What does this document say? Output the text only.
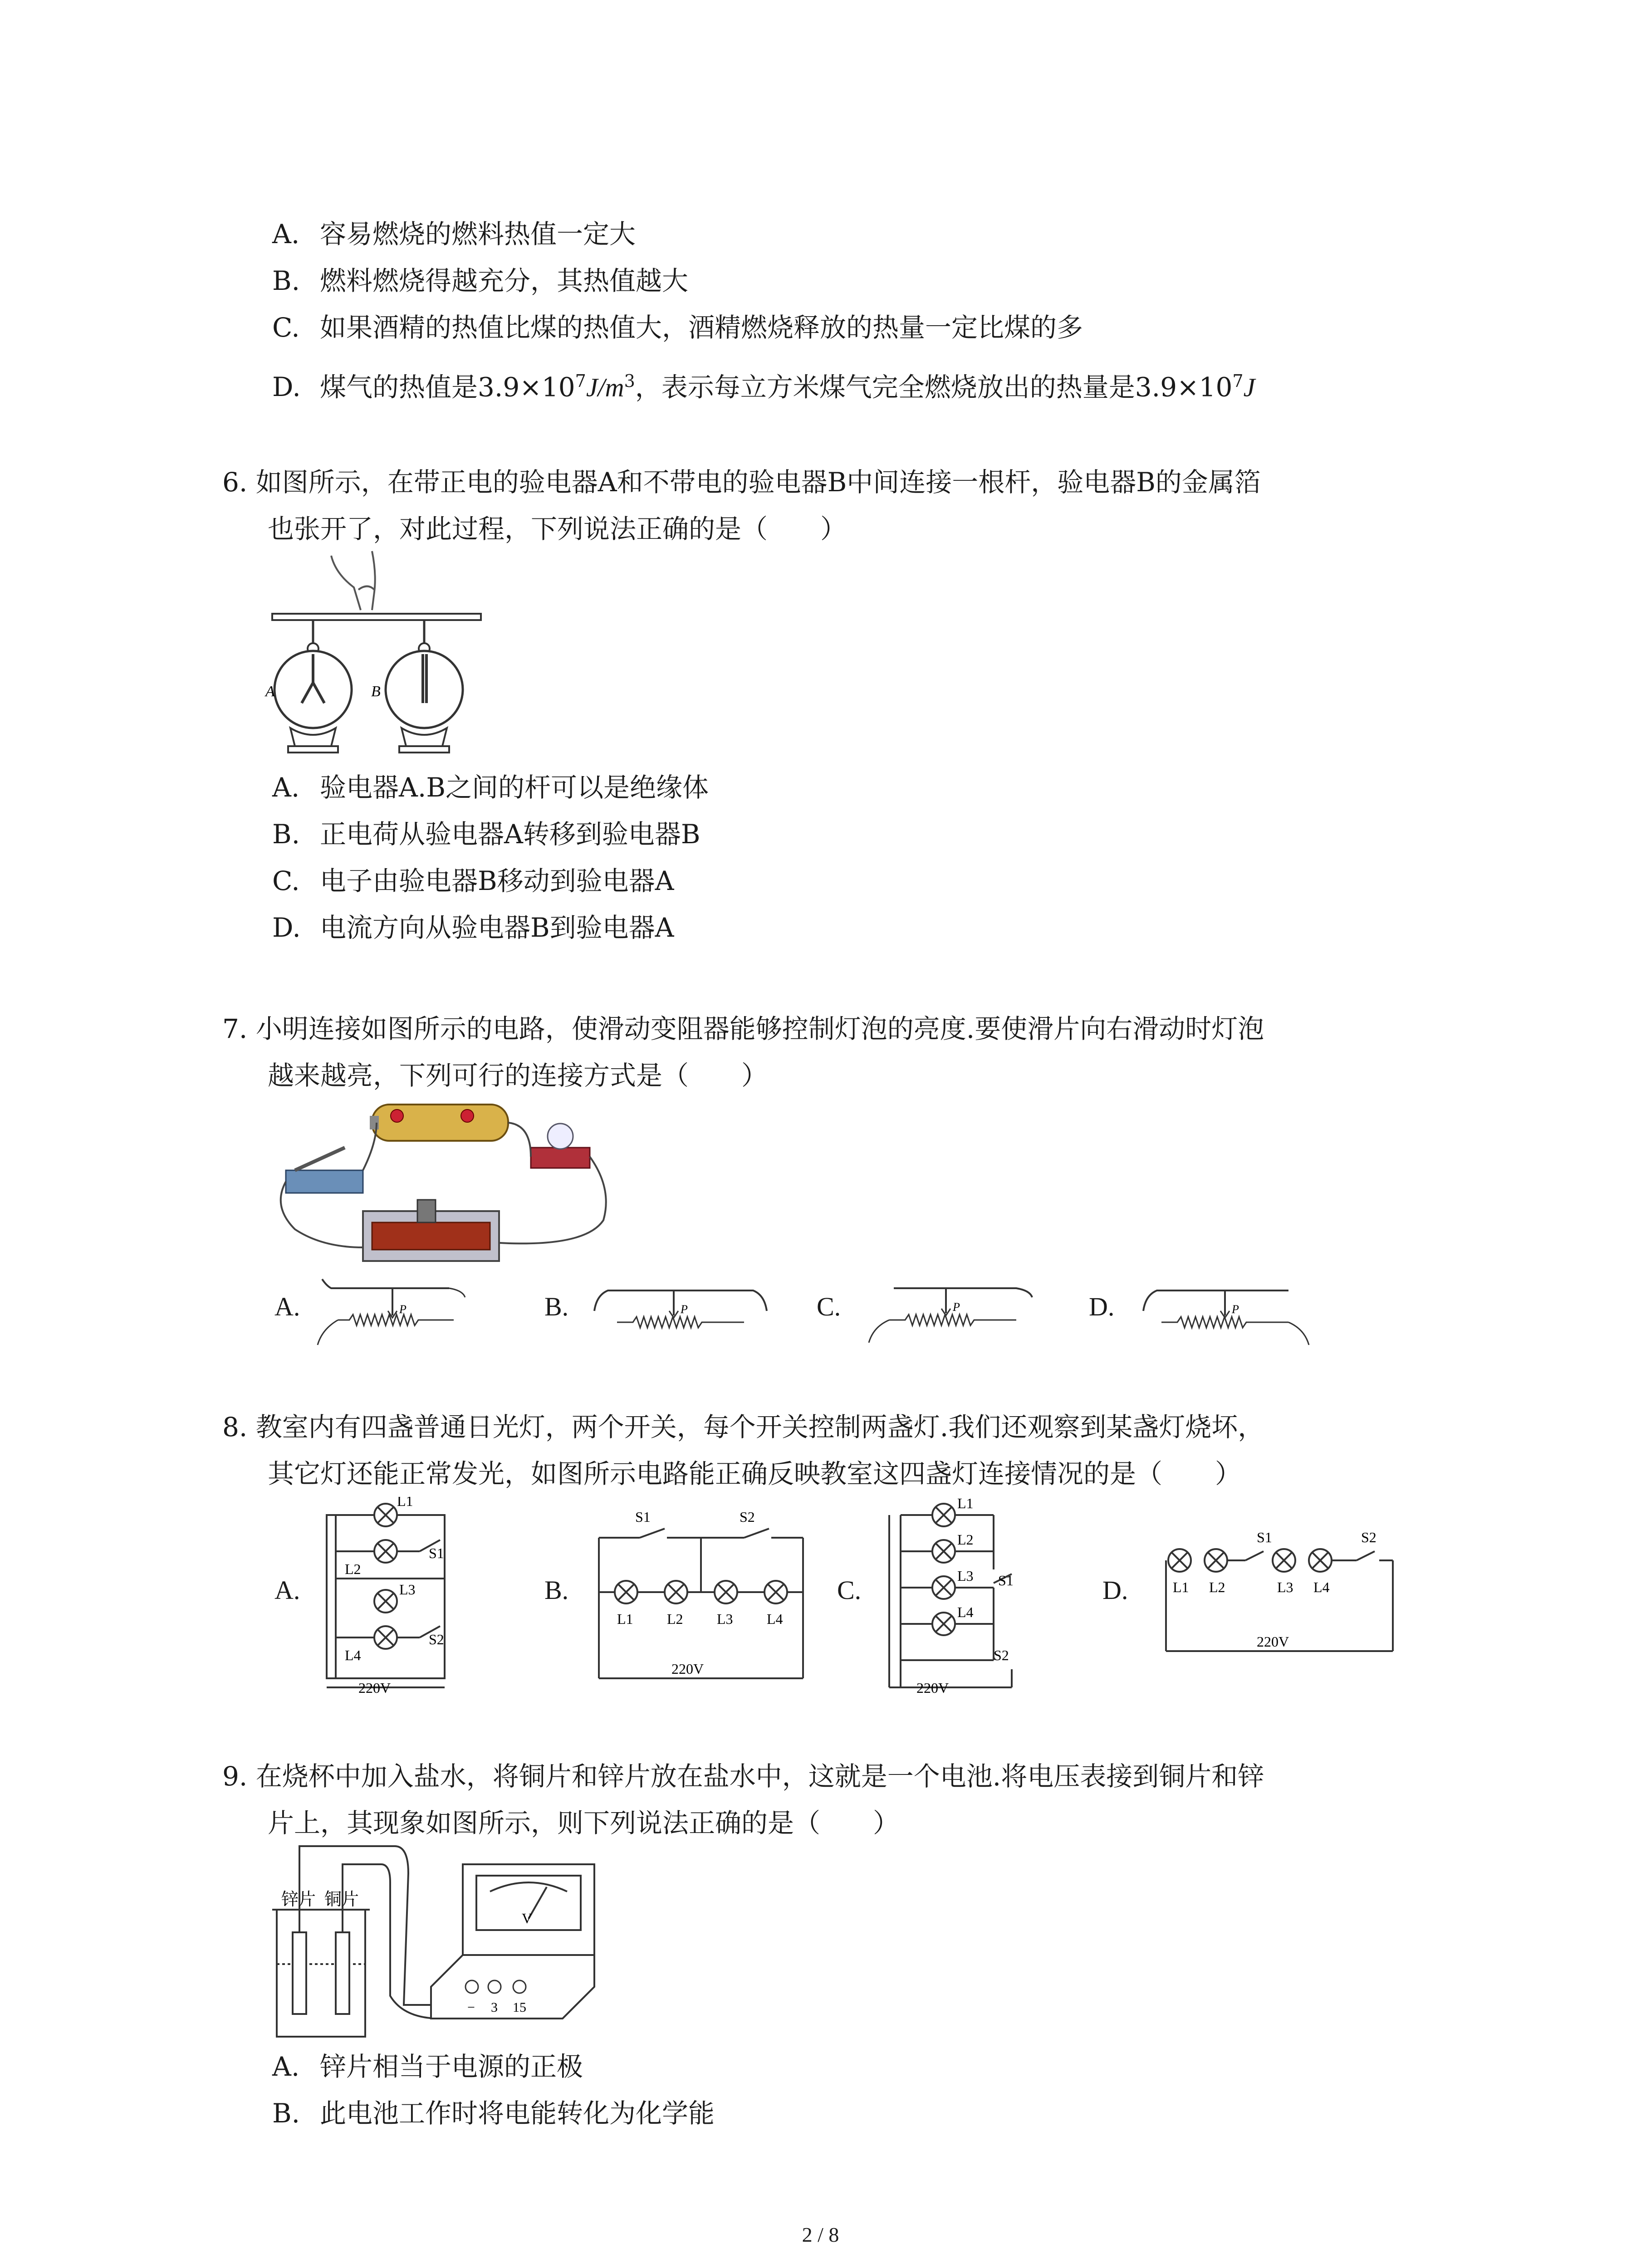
A. 容易燃烧的燃料热值一定大
B. 燃料燃烧得越充分，其热值越大
C. 如果酒精的热值比煤的热值大，酒精燃烧释放的热量一定比煤的多
D. 煤气的热值是$3.9\times 10^7J/m^3$，表示每立方米煤气完全燃烧放出的热量是$3.9\times 10^7J$
6. 如图所示，在带正电的验电器A和不带电的验电器B中间连接一根杆，验电器B的金属箔
也张开了，对此过程，下列说法正确的是（　　）
A	B
A. 验电器A.B之间的杆可以是绝缘体
B. 正电荷从验电器A转移到验电器B
C. 电子由验电器B移动到验电器A
D. 电流方向从验电器B到验电器A
7. 小明连接如图所示的电路，使滑动变阻器能够控制灯泡的亮度.要使滑片向右滑动时灯泡
越来越亮，下列可行的连接方式是（　　）
A.	P	B.	P	C.	P	D.	P
8. 教室内有四盏普通日光灯，两个开关，每个开关控制两盏灯.我们还观察到某盏灯烧坏，
其它灯还能正常发光，如图所示电路能正确反映教室这四盏灯连接情况的是（　　）
A.
L1
S1
L2
L3
L4
S2
220V
B.
S1	S2
L1 L2 L3 L4
220V
C.
L1
L2
L3 S1
L4
S2
220V
D.
S1	S2
L1 L2	L3 L4
220V
9. 在烧杯中加入盐水，将铜片和锌片放在盐水中，这就是一个电池.将电压表接到铜片和锌
片上，其现象如图所示，则下列说法正确的是（　　）
锌片 铜片
V
− 3 15
A. 锌片相当于电源的正极
B. 此电池工作时将电能转化为化学能
2 / 8
